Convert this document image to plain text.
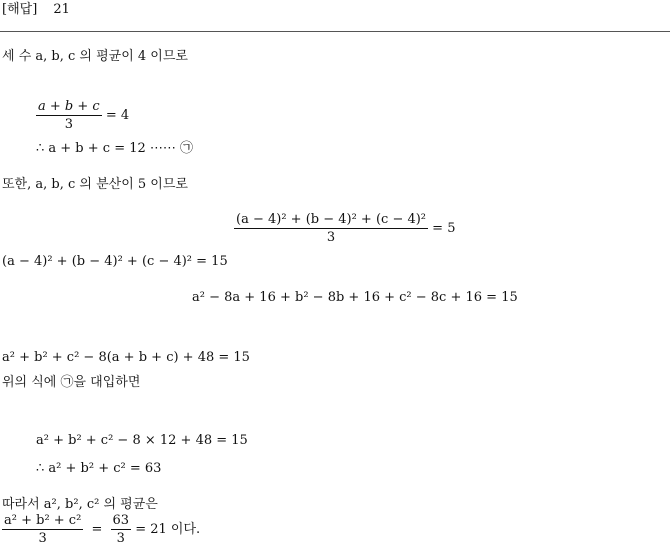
[해답] 21
세 수 a, b, c 의 평균이 4 이므로
$\frac{a + b + c}{3} = 4$
∴ a + b + c = 12 ⋯⋯ ㉠
또한, a, b, c 의 분산이 5 이므로
$\frac{\text{(a − 4)² + (b − 4)² + (c − 4)²}}{3} = 5$
(a − 4)² + (b − 4)² + (c − 4)² = 15
a² − 8a + 16 + b² − 8b + 16 + c² − 8c + 16 = 15
a² + b² + c² − 8(a + b + c) + 48 = 15
위의 식에 ㉠을 대입하면
a² + b² + c² − 8 × 12 + 48 = 15
∴ a² + b² + c² = 63
따라서 a², b², c² 의 평균은
$\frac{\text{a² + b² + c²}}{3} = \frac{63}{3} = 21$ 이다.
